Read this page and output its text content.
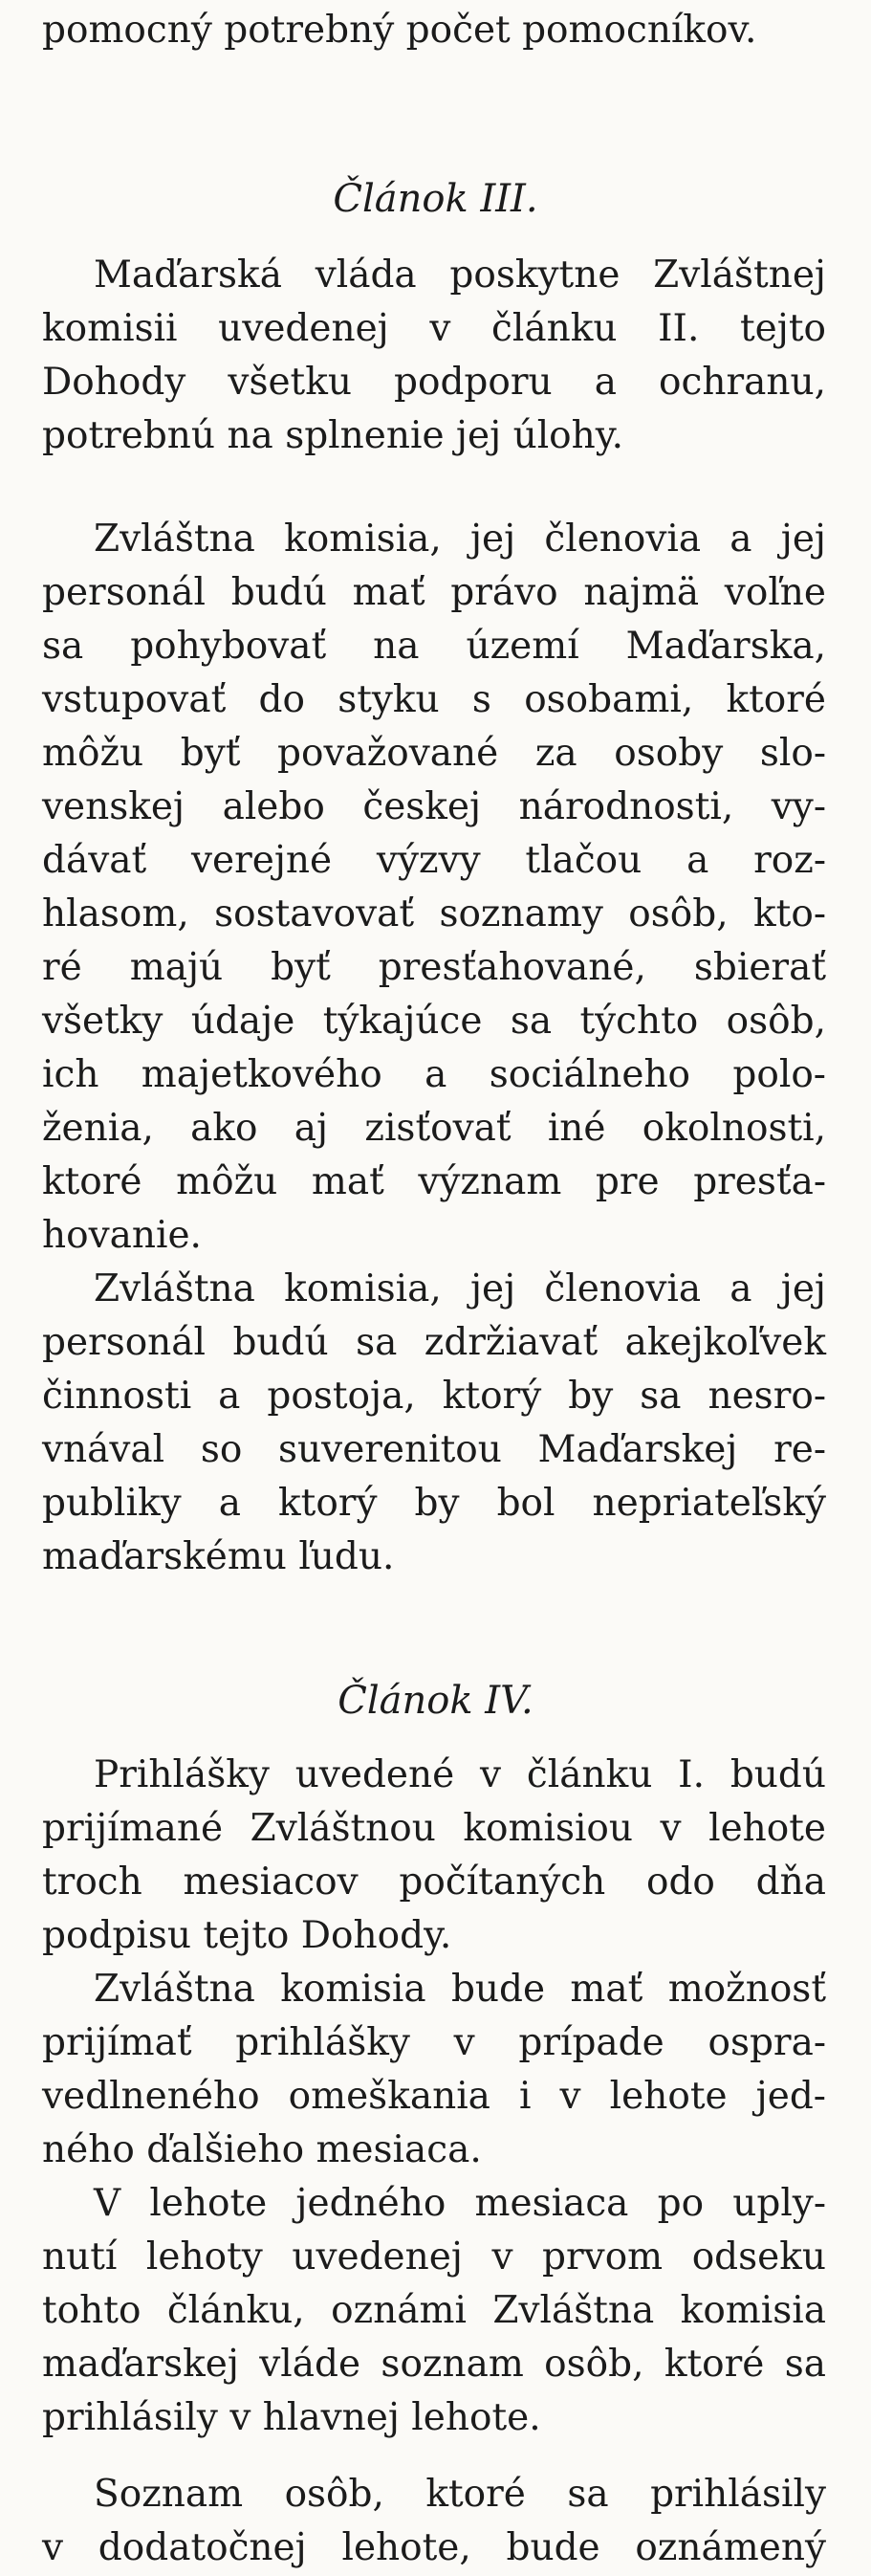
pomocný potrebný počet pomocníkov.
Článok III.
Maďarská vláda poskytne Zvláštnej
komisii uvedenej v článku II. tejto
Dohody všetku podporu a ochranu,
potrebnú na splnenie jej úlohy.
Zvláštna komisia, jej členovia a jej
personál budú mať právo najmä voľne
sa pohybovať na území Maďarska,
vstupovať do styku s osobami, ktoré
môžu byť považované za osoby slo-
venskej alebo českej národnosti, vy-
dávať verejné výzvy tlačou a roz-
hlasom, sostavovať soznamy osôb, kto-
ré majú byť presťahované, sbierať
všetky údaje týkajúce sa týchto osôb,
ich majetkového a sociálneho polo-
ženia, ako aj zisťovať iné okolnosti,
ktoré môžu mať význam pre presťa-
hovanie.
Zvláštna komisia, jej členovia a jej
personál budú sa zdržiavať akejkoľvek
činnosti a postoja, ktorý by sa nesro-
vnával so suverenitou Maďarskej re-
publiky a ktorý by bol nepriateľský
maďarskému ľudu.
Článok IV.
Prihlášky uvedené v článku I. budú
prijímané Zvláštnou komisiou v lehote
troch mesiacov počítaných odo dňa
podpisu tejto Dohody.
Zvláštna komisia bude mať možnosť
prijímať prihlášky v prípade ospra-
vedlneného omeškania i v lehote jed-
ného ďalšieho mesiaca.
V lehote jedného mesiaca po uply-
nutí lehoty uvedenej v prvom odseku
tohto článku, oznámi Zvláštna komisia
maďarskej vláde soznam osôb, ktoré sa
prihlásily v hlavnej lehote.
Soznam osôb, ktoré sa prihlásily
v dodatočnej lehote, bude oznámený
